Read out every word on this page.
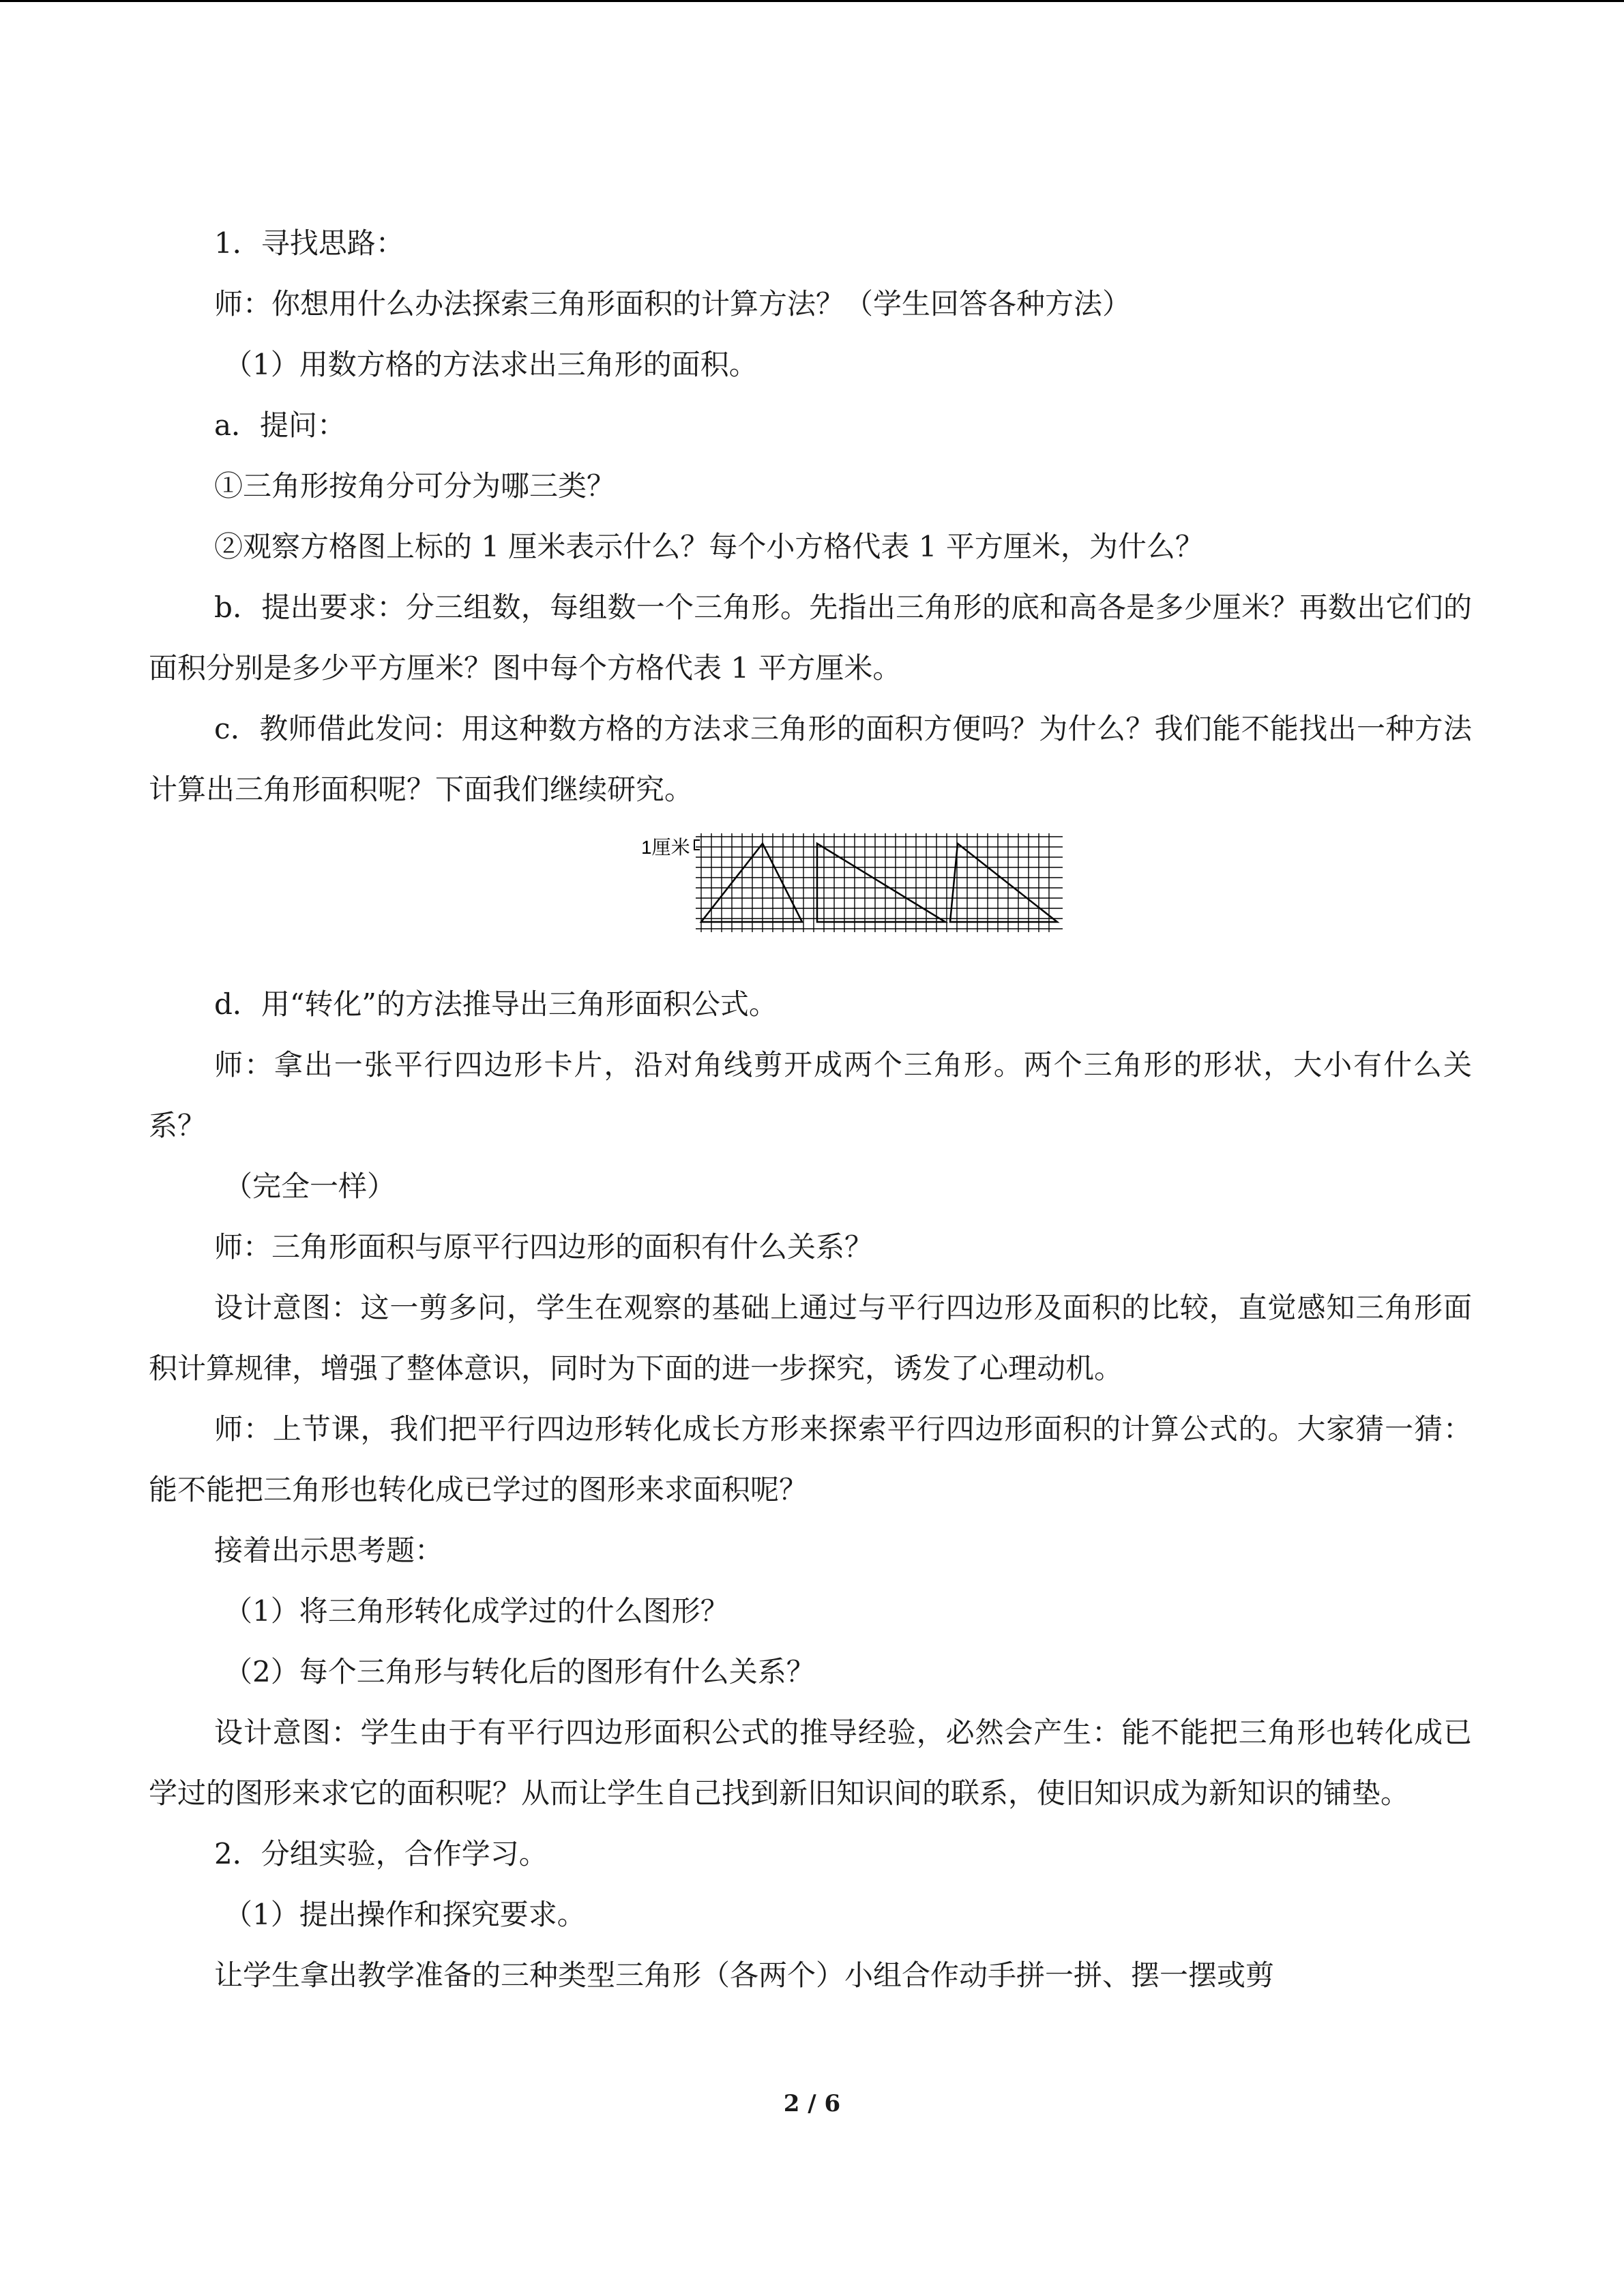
1．寻找思路：

师：你想用什么办法探索三角形面积的计算方法？（学生回答各种方法）

（1）用数方格的方法求出三角形的面积。

a．提问：

①三角形按角分可分为哪三类？

②观察方格图上标的 1 厘米表示什么？每个小方格代表 1 平方厘米，为什么？

b．提出要求：分三组数，每组数一个三角形。先指出三角形的底和高各是多少厘米？再数出它们的面积分别是多少平方厘米？图中每个方格代表 1 平方厘米。

c．教师借此发问：用这种数方格的方法求三角形的面积方便吗？为什么？我们能不能找出一种方法计算出三角形面积呢？下面我们继续研究。

1厘米

d．用“转化”的方法推导出三角形面积公式。

师：拿出一张平行四边形卡片，沿对角线剪开成两个三角形。两个三角形的形状，大小有什么关系？

（完全一样）

师：三角形面积与原平行四边形的面积有什么关系？

设计意图：这一剪多问，学生在观察的基础上通过与平行四边形及面积的比较，直觉感知三角形面积计算规律，增强了整体意识，同时为下面的进一步探究，诱发了心理动机。

师：上节课，我们把平行四边形转化成长方形来探索平行四边形面积的计算公式的。大家猜一猜：能不能把三角形也转化成已学过的图形来求面积呢？

接着出示思考题：

（1）将三角形转化成学过的什么图形？

（2）每个三角形与转化后的图形有什么关系？

设计意图：学生由于有平行四边形面积公式的推导经验，必然会产生：能不能把三角形也转化成已学过的图形来求它的面积呢？从而让学生自己找到新旧知识间的联系，使旧知识成为新知识的铺垫。

2．分组实验，合作学习。

（1）提出操作和探究要求。

让学生拿出教学准备的三种类型三角形（各两个）小组合作动手拼一拼、摆一摆或剪

2 / 6
